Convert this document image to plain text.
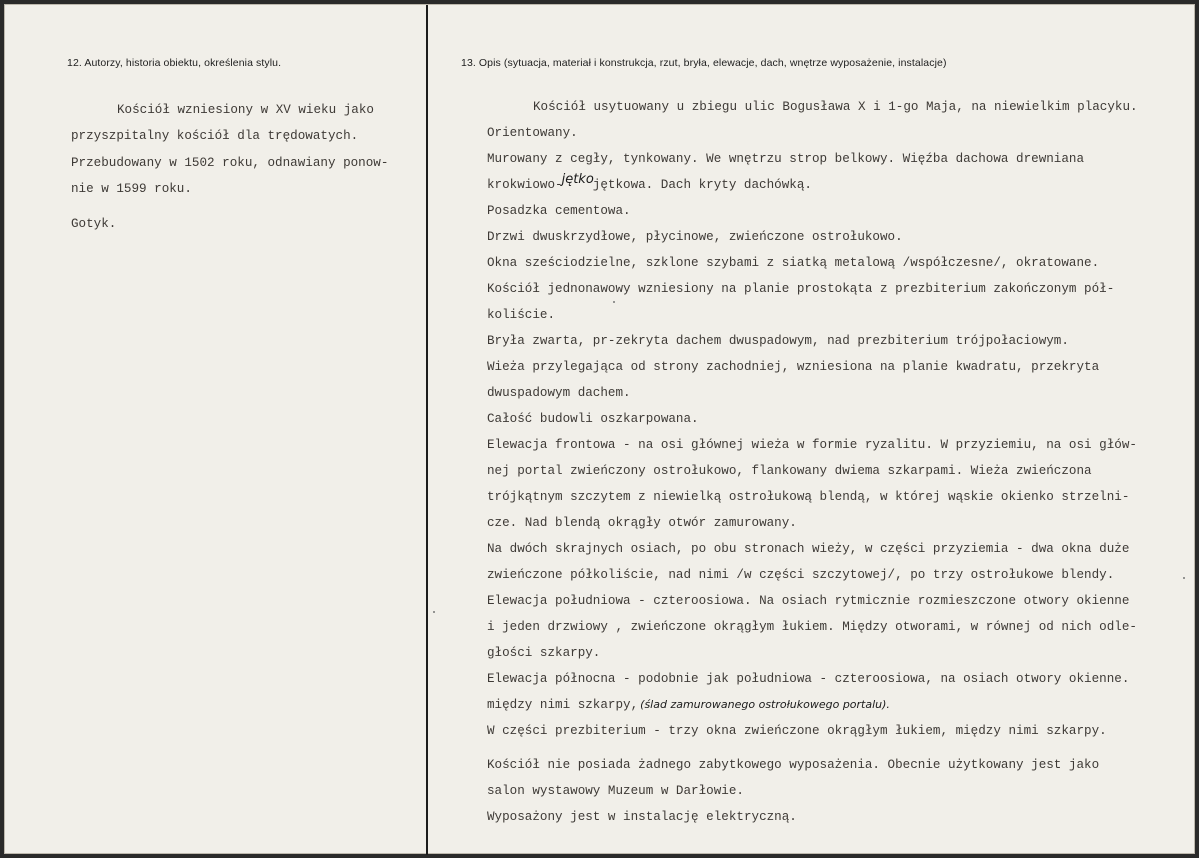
12. Autorzy, historia obiektu, określenia stylu.	13. Opis (sytuacja, materiał i konstrukcja, rzut, bryła, elewacje, dach, wnętrze wyposażenie, instalacje)
Kościół wzniesiony w XV wieku jako
przyszpitalny kościół dla trędowatych.
Przebudowany w 1502 roku, odnawiany ponow-
nie w 1599 roku.
Gotyk.
Kościół usytuowany u zbiegu ulic Bogusława X i 1-go Maja, na niewielkim placyku.
Orientowany.
Murowany z cegły, tynkowany. We wnętrzu strop belkowy. Więźba dachowa drewniana
krokwiowo-jętkojętkowa. Dach kryty dachówką.
Posadzka cementowa.
Drzwi dwuskrzydłowe, płycinowe, zwieńczone ostrołukowo.
Okna sześciodzielne, szklone szybami z siatką metalową /współczesne/, okratowane.
Kościół jednonawowy wzniesiony na planie prostokąta z prezbiterium zakończonym pół-
koliście.
Bryła zwarta, pr-zekryta dachem dwuspadowym, nad prezbiterium trójpołaciowym.
Wieża przylegająca od strony zachodniej, wzniesiona na planie kwadratu, przekryta
dwuspadowym dachem.
Całość budowli oszkarpowana.
Elewacja frontowa - na osi głównej wieża w formie ryzalitu. W przyziemiu, na osi głów-
nej portal zwieńczony ostrołukowo, flankowany dwiema szkarpami. Wieża zwieńczona
trójkątnym szczytem z niewielką ostrołukową blendą, w której wąskie okienko strzelni-
cze. Nad blendą okrągły otwór zamurowany.
Na dwóch skrajnych osiach, po obu stronach wieży, w części przyziemia - dwa okna duże
zwieńczone półkoliście, nad nimi /w części szczytowej/, po trzy ostrołukowe blendy.
Elewacja południowa - czteroosiowa. Na osiach rytmicznie rozmieszczone otwory okienne
i jeden drzwiowy , zwieńczone okrągłym łukiem. Między otworami, w równej od nich odle-
głości szkarpy.
Elewacja północna - podobnie jak południowa - czteroosiowa, na osiach otwory okienne.
między nimi szkarpy, (ślad zamurowanego ostrołukowego portalu).
W części prezbiterium - trzy okna zwieńczone okrągłym łukiem, między nimi szkarpy.
Kościół nie posiada żadnego zabytkowego wyposażenia. Obecnie użytkowany jest jako
salon wystawowy Muzeum w Darłowie.
Wyposażony jest w instalację elektryczną.
